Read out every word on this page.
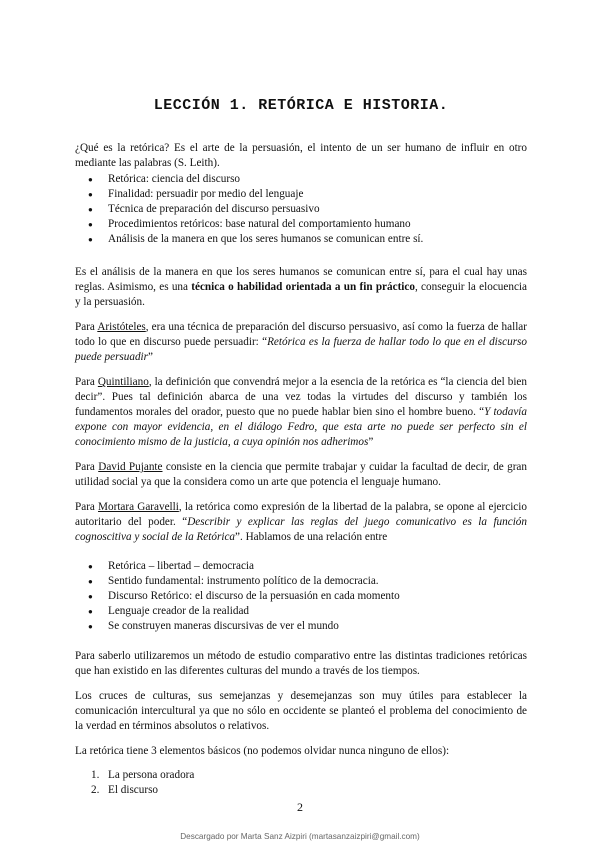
LECCIÓN 1. RETÓRICA E HISTORIA.

¿Qué es la retórica? Es el arte de la persuasión, el intento de un ser humano de influir en otro mediante las palabras (S. Leith).

● Retórica: ciencia del discurso
● Finalidad: persuadir por medio del lenguaje
● Técnica de preparación del discurso persuasivo
● Procedimientos retóricos: base natural del comportamiento humano
● Análisis de la manera en que los seres humanos se comunican entre sí.

Es el análisis de la manera en que los seres humanos se comunican entre sí, para el cual hay unas reglas. Asimismo, es una técnica o habilidad orientada a un fin práctico, conseguir la elocuencia y la persuasión.

Para Aristóteles, era una técnica de preparación del discurso persuasivo, así como la fuerza de hallar todo lo que en discurso puede persuadir: “Retórica es la fuerza de hallar todo lo que en el discurso puede persuadir”

Para Quintiliano, la definición que convendrá mejor a la esencia de la retórica es “la ciencia del bien decir”. Pues tal definición abarca de una vez todas la virtudes del discurso y también los fundamentos morales del orador, puesto que no puede hablar bien sino el hombre bueno. “Y todavía expone con mayor evidencia, en el diálogo Fedro, que esta arte no puede ser perfecto sin el conocimiento mismo de la justicia, a cuya opinión nos adherimos”

Para David Pujante consiste en la ciencia que permite trabajar y cuidar la facultad de decir, de gran utilidad social ya que la considera como un arte que potencia el lenguaje humano.

Para Mortara Garavelli, la retórica como expresión de la libertad de la palabra, se opone al ejercicio autoritario del poder. “Describir y explicar las reglas del juego comunicativo es la función cognoscitiva y social de la Retórica”. Hablamos de una relación entre

● Retórica – libertad – democracia
● Sentido fundamental: instrumento político de la democracia.
● Discurso Retórico: el discurso de la persuasión en cada momento
● Lenguaje creador de la realidad
● Se construyen maneras discursivas de ver el mundo

Para saberlo utilizaremos un método de estudio comparativo entre las distintas tradiciones retóricas que han existido en las diferentes culturas del mundo a través de los tiempos.

Los cruces de culturas, sus semejanzas y desemejanzas son muy útiles para establecer la comunicación intercultural ya que no sólo en occidente se planteó el problema del conocimiento de la verdad en términos absolutos o relativos.

La retórica tiene 3 elementos básicos (no podemos olvidar nunca ninguno de ellos):

1. La persona oradora
2. El discurso
2
Descargado por Marta Sanz Aizpiri (martasanzaizpiri@gmail.com)
